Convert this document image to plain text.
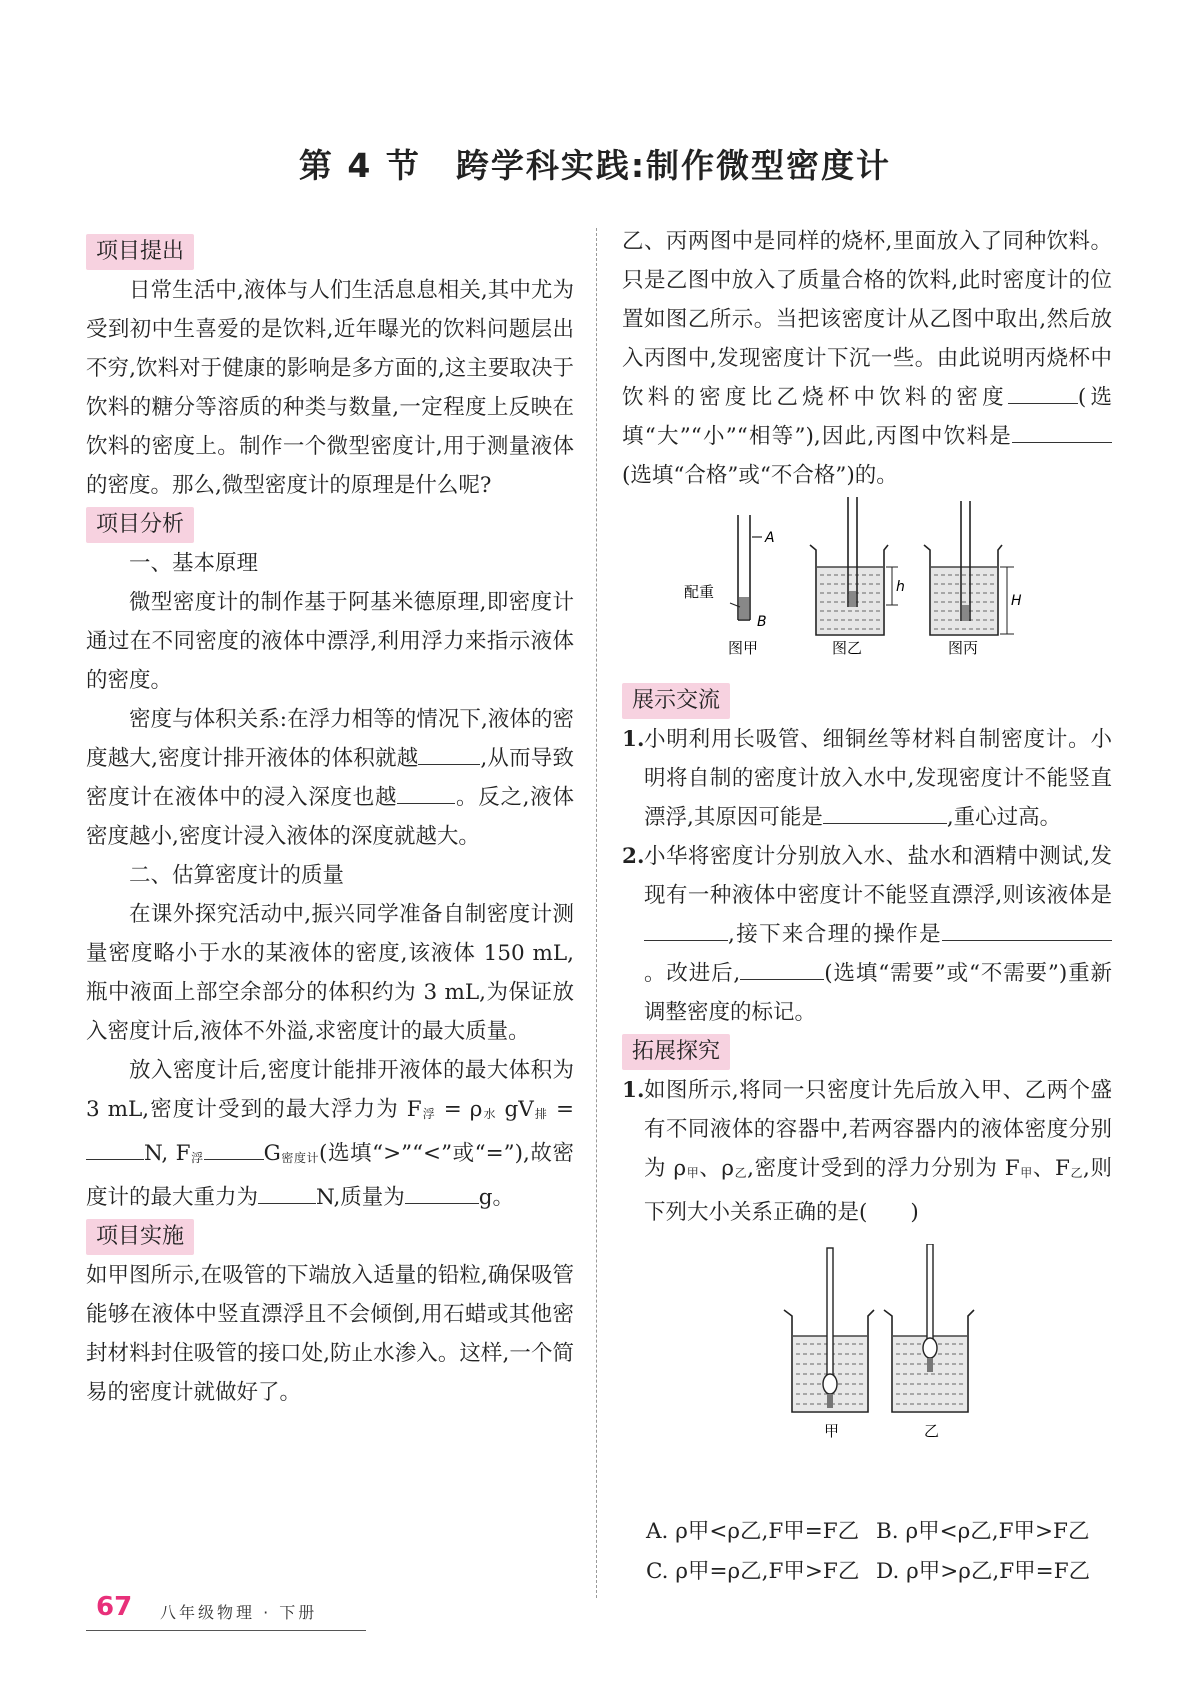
第 4 节　跨学科实践:制作微型密度计
项目提出

日常生活中,液体与人们生活息息相关,其中尤为受到初中生喜爱的是饮料,近年曝光的饮料问题层出不穷,饮料对于健康的影响是多方面的,这主要取决于饮料的糖分等溶质的种类与数量,一定程度上反映在饮料的密度上。制作一个微型密度计,用于测量液体的密度。那么,微型密度计的原理是什么呢?

项目分析

一、基本原理

微型密度计的制作基于阿基米德原理,即密度计通过在不同密度的液体中漂浮,利用浮力来指示液体的密度。

密度与体积关系:在浮力相等的情况下,液体的密度越大,密度计排开液体的体积就越	,从而导致密度计在液体中的浸入深度也越	。反之,液体密度越小,密度计浸入液体的深度就越大。

二、估算密度计的质量

在课外探究活动中,振兴同学准备自制密度计测量密度略小于水的某液体的密度,该液体 150 mL,瓶中液面上部空余部分的体积约为 3 mL,为保证放入密度计后,液体不外溢,求密度计的最大质量。

放入密度计后,密度计能排开液体的最大体积为 3 mL,密度计受到的最大浮力为 F浮 = ρ水 gV排 =N, F浮	G密度计(选填“>”“<”或“=”),故密度计的最大重力为	N,质量为	g。

项目实施

如甲图所示,在吸管的下端放入适量的铅粒,确保吸管能够在液体中竖直漂浮且不会倾倒,用石蜡或其他密封材料封住吸管的接口处,防止水渗入。这样,一个简易的密度计就做好了。

乙、丙两图中是同样的烧杯,里面放入了同种饮料。只是乙图中放入了质量合格的饮料,此时密度计的位置如图乙所示。当把该密度计从乙图中取出,然后放入丙图中,发现密度计下沉一些。由此说明丙烧杯中饮料的密度比乙烧杯中饮料的密度	(选填“大”“小”“相等”),因此,丙图中饮料是(选填“合格”或“不合格”)的。

A
配重
B
图甲
h
图乙
H
图丙
展示交流
1. 小明利用长吸管、细铜丝等材料自制密度计。小明将自制的密度计放入水中,发现密度计不能竖直漂浮,其原因可能是	,重心过高。
2. 小华将密度计分别放入水、盐水和酒精中测试,发现有一种液体中密度计不能竖直漂浮,则该液体是,接下来合理的操作是。改进后,	(选填“需要”或“不需要”)重新调整密度的标记。
拓展探究
1. 如图所示,将同一只密度计先后放入甲、乙两个盛有不同液体的容器中,若两容器内的液体密度分别为 ρ甲、ρ乙,密度计受到的浮力分别为 F甲、F乙,则下列大小关系正确的是(　　)
甲	乙
A. ρ甲<ρ乙,F甲=F乙 B. ρ甲<ρ乙,F甲>F乙
C. ρ甲=ρ乙,F甲>F乙 D. ρ甲>ρ乙,F甲=F乙
67 八年级物理 · 下册
